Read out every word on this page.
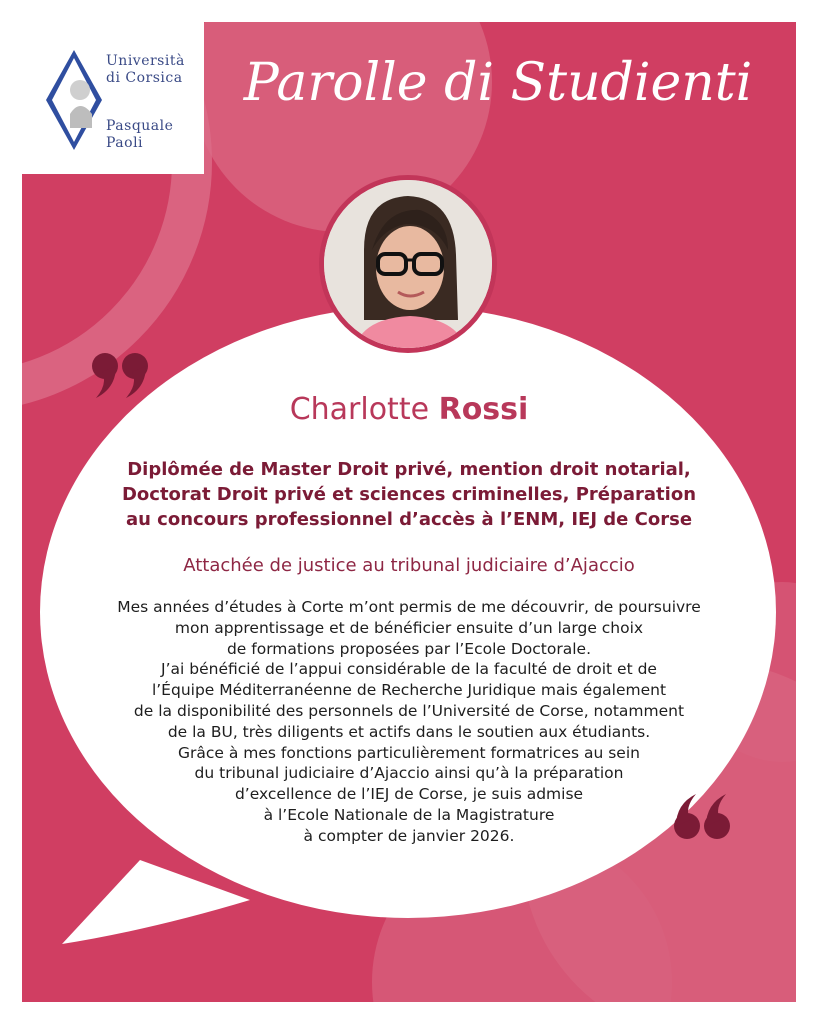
Università
di Corsica
Pasquale
Paoli
Parolle di Studienti
Charlotte Rossi
Diplômée de Master Droit privé, mention droit notarial,
Doctorat Droit privé et sciences criminelles, Préparation
au concours professionnel d’accès à l’ENM, IEJ de Corse
Attachée de justice au tribunal judiciaire d’Ajaccio
Mes années d’études à Corte m’ont permis de me découvrir, de poursuivre
mon apprentissage et de bénéficier ensuite d’un large choix
de formations proposées par l’Ecole Doctorale.
J’ai bénéficié de l’appui considérable de la faculté de droit et de
l’Équipe Méditerranéenne de Recherche Juridique mais également
de la disponibilité des personnels de l’Université de Corse, notamment
de la BU, très diligents et actifs dans le soutien aux étudiants.
Grâce à mes fonctions particulièrement formatrices au sein
du tribunal judiciaire d’Ajaccio ainsi qu’à la préparation
d’excellence de l’IEJ de Corse, je suis admise
à l’Ecole Nationale de la Magistrature
à compter de janvier 2026.
